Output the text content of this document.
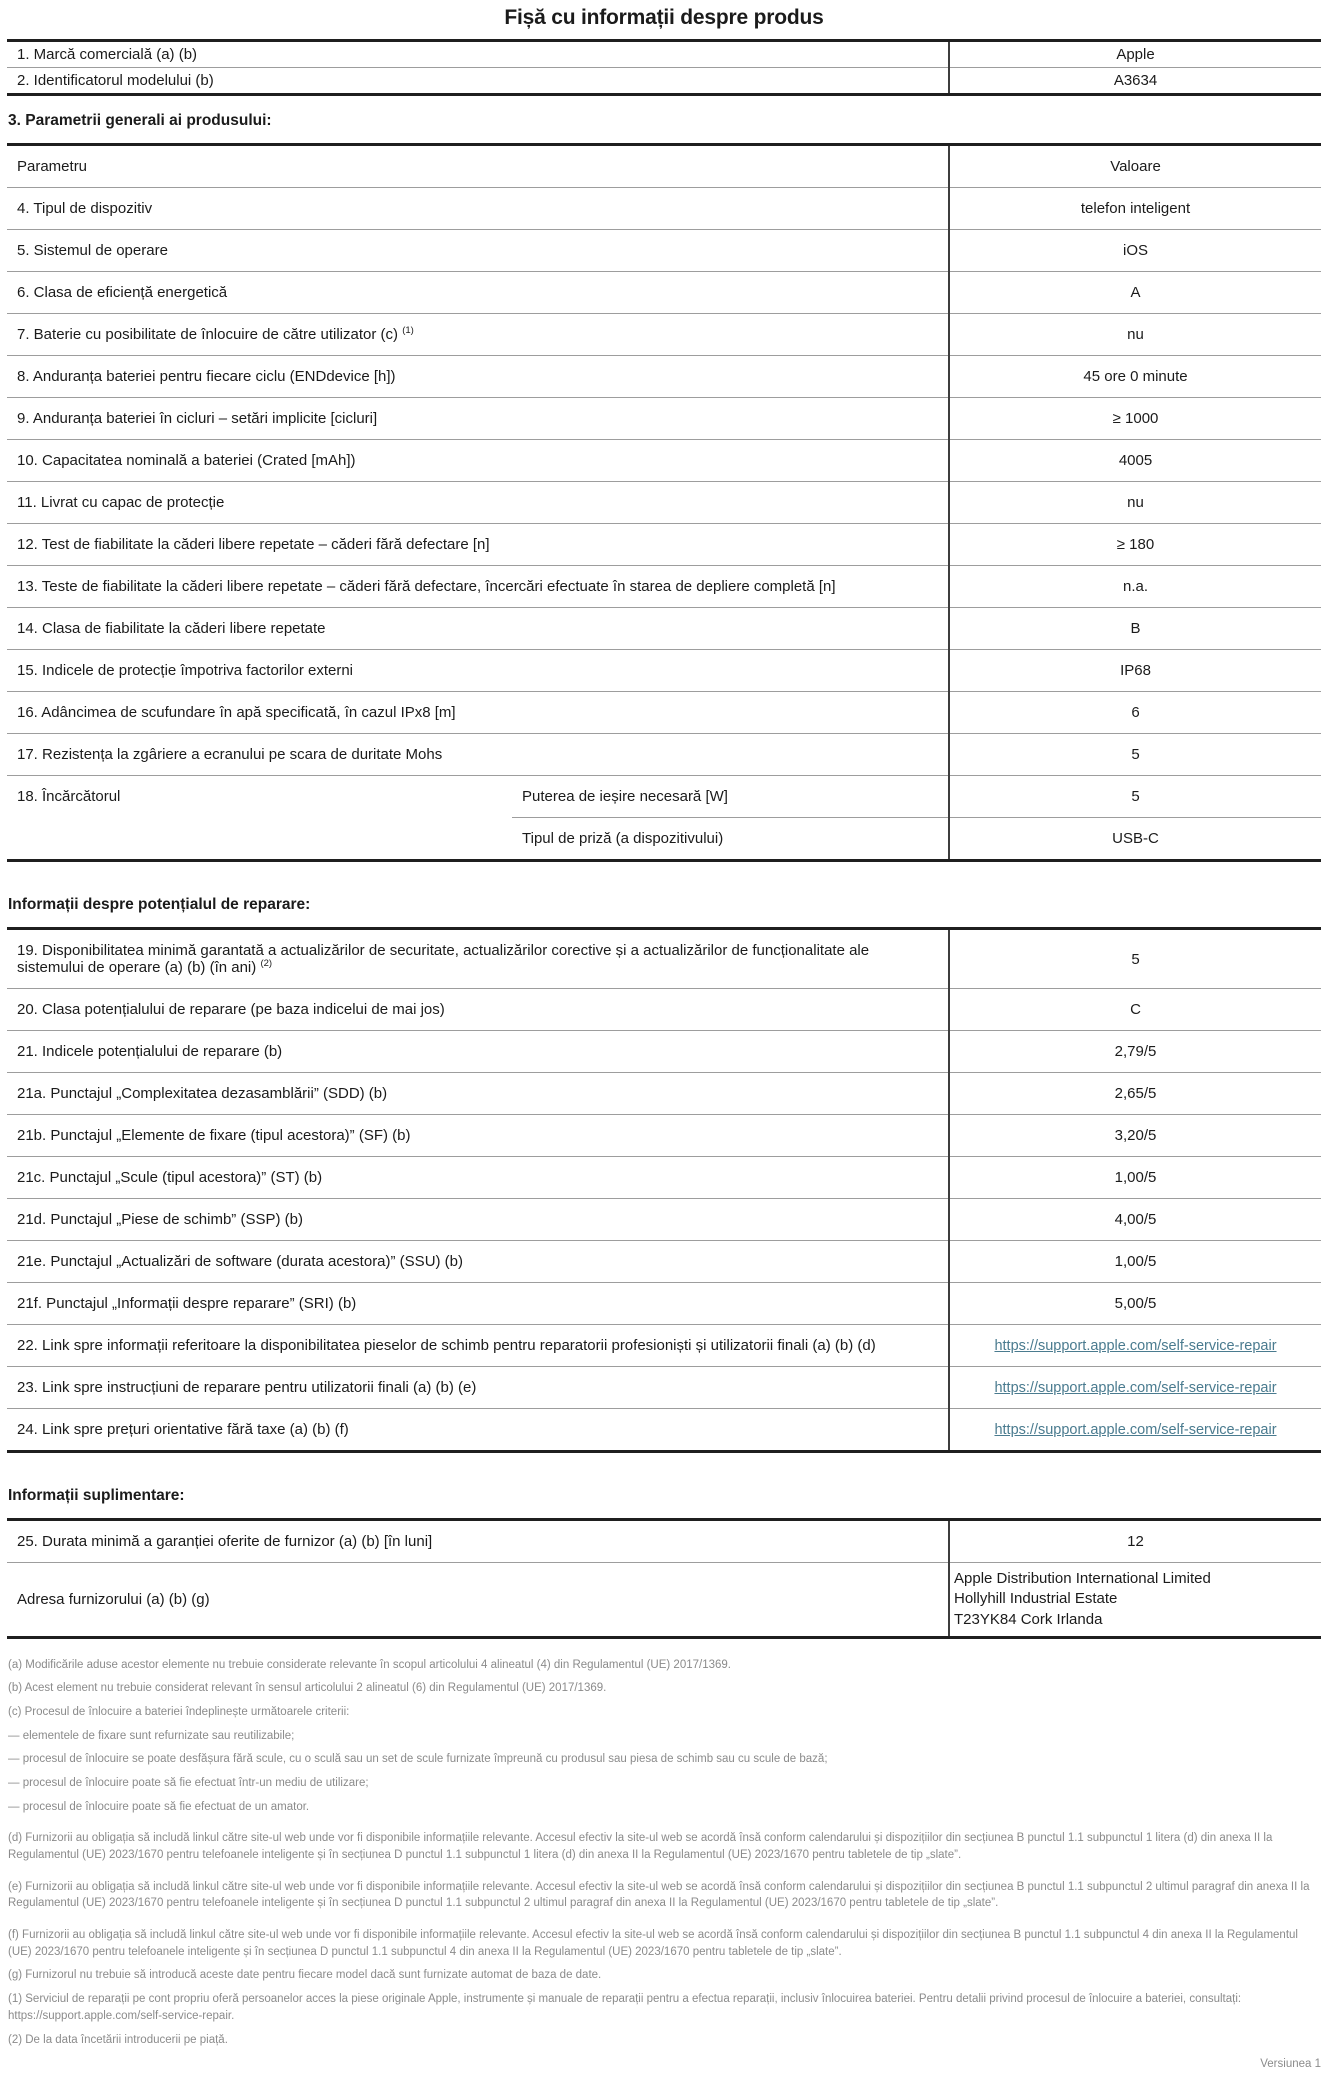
Fișă cu informații despre produs
1. Marcă comercială (a) (b)	Apple
2. Identificatorul modelului (b)	A3634
3. Parametrii generali ai produsului:
Parametru		Valoare
4. Tipul de dispozitiv		telefon inteligent
5. Sistemul de operare		iOS
6. Clasa de eficiență energetică		A
7. Baterie cu posibilitate de înlocuire de către utilizator (c) $^{(1)}$		nu
8. Anduranța bateriei pentru fiecare ciclu (ENDdevice [h])		45 ore 0 minute
9. Anduranța bateriei în cicluri – setări implicite [cicluri]		≥ 1000
10. Capacitatea nominală a bateriei (Crated [mAh])		4005
11. Livrat cu capac de protecție		nu
12. Test de fiabilitate la căderi libere repetate – căderi fără defectare [n]		≥ 180
13. Teste de fiabilitate la căderi libere repetate – căderi fără defectare, încercări efectuate în starea de depliere completă [n]		n.a.
14. Clasa de fiabilitate la căderi libere repetate		B
15. Indicele de protecție împotriva factorilor externi		IP68
16. Adâncimea de scufundare în apă specificată, în cazul IPx8 [m]		6
17. Rezistența la zgâriere a ecranului pe scara de duritate Mohs		5
18. Încărcătorul	Puterea de ieșire necesară [W]	5
	Tipul de priză (a dispozitivului)	USB-C
Informații despre potențialul de reparare:
19. Disponibilitatea minimă garantată a actualizărilor de securitate, actualizărilor corective și a actualizărilor de funcționalitate ale sistemului de operare (a) (b) (în ani) $^{(2)}$	5
20. Clasa potențialului de reparare (pe baza indicelui de mai jos)	C
21. Indicele potențialului de reparare (b)	2,79/5
21a. Punctajul „Complexitatea dezasamblării” (SDD) (b)	2,65/5
21b. Punctajul „Elemente de fixare (tipul acestora)” (SF) (b)	3,20/5
21c. Punctajul „Scule (tipul acestora)” (ST) (b)	1,00/5
21d. Punctajul „Piese de schimb” (SSP) (b)	4,00/5
21e. Punctajul „Actualizări de software (durata acestora)” (SSU) (b)	1,00/5
21f. Punctajul „Informații despre reparare” (SRI) (b)	5,00/5
22. Link spre informații referitoare la disponibilitatea pieselor de schimb pentru reparatorii profesioniști și utilizatorii finali (a) (b) (d)	https://support.apple.com/self-service-repair
23. Link spre instrucțiuni de reparare pentru utilizatorii finali (a) (b) (e)	https://support.apple.com/self-service-repair
24. Link spre prețuri orientative fără taxe (a) (b) (f)	https://support.apple.com/self-service-repair
Informații suplimentare:
25. Durata minimă a garanției oferite de furnizor (a) (b) [în luni]	12
Adresa furnizorului (a) (b) (g)	Apple Distribution International Limited
Hollyhill Industrial Estate
T23YK84 Cork Irlanda
(a) Modificările aduse acestor elemente nu trebuie considerate relevante în scopul articolului 4 alineatul (4) din Regulamentul (UE) 2017/1369.
(b) Acest element nu trebuie considerat relevant în sensul articolului 2 alineatul (6) din Regulamentul (UE) 2017/1369.
(c) Procesul de înlocuire a bateriei îndeplinește următoarele criterii:
— elementele de fixare sunt refurnizate sau reutilizabile;
— procesul de înlocuire se poate desfășura fără scule, cu o sculă sau un set de scule furnizate împreună cu produsul sau piesa de schimb sau cu scule de bază;
— procesul de înlocuire poate să fie efectuat într-un mediu de utilizare;
— procesul de înlocuire poate să fie efectuat de un amator.
(d) Furnizorii au obligația să includă linkul către site-ul web unde vor fi disponibile informațiile relevante. Accesul efectiv la site-ul web se acordă însă conform calendarului și dispozițiilor din secțiunea B punctul 1.1 subpunctul 1 litera (d) din anexa II la Regulamentul (UE) 2023/1670 pentru telefoanele inteligente și în secțiunea D punctul 1.1 subpunctul 1 litera (d) din anexa II la Regulamentul (UE) 2023/1670 pentru tabletele de tip „slate”.
(e) Furnizorii au obligația să includă linkul către site-ul web unde vor fi disponibile informațiile relevante. Accesul efectiv la site-ul web se acordă însă conform calendarului și dispozițiilor din secțiunea B punctul 1.1 subpunctul 2 ultimul paragraf din anexa II la Regulamentul (UE) 2023/1670 pentru telefoanele inteligente și în secțiunea D punctul 1.1 subpunctul 2 ultimul paragraf din anexa II la Regulamentul (UE) 2023/1670 pentru tabletele de tip „slate”.
(f) Furnizorii au obligația să includă linkul către site-ul web unde vor fi disponibile informațiile relevante. Accesul efectiv la site-ul web se acordă însă conform calendarului și dispozițiilor din secțiunea B punctul 1.1 subpunctul 4 din anexa II la Regulamentul (UE) 2023/1670 pentru telefoanele inteligente și în secțiunea D punctul 1.1 subpunctul 4 din anexa II la Regulamentul (UE) 2023/1670 pentru tabletele de tip „slate”.
(g) Furnizorul nu trebuie să introducă aceste date pentru fiecare model dacă sunt furnizate automat de baza de date.
(1) Serviciul de reparații pe cont propriu oferă persoanelor acces la piese originale Apple, instrumente și manuale de reparații pentru a efectua reparații, inclusiv înlocuirea bateriei. Pentru detalii privind procesul de înlocuire a bateriei, consultați: https://support.apple.com/self-service-repair.
(2) De la data încetării introducerii pe piață.
Versiunea 1
